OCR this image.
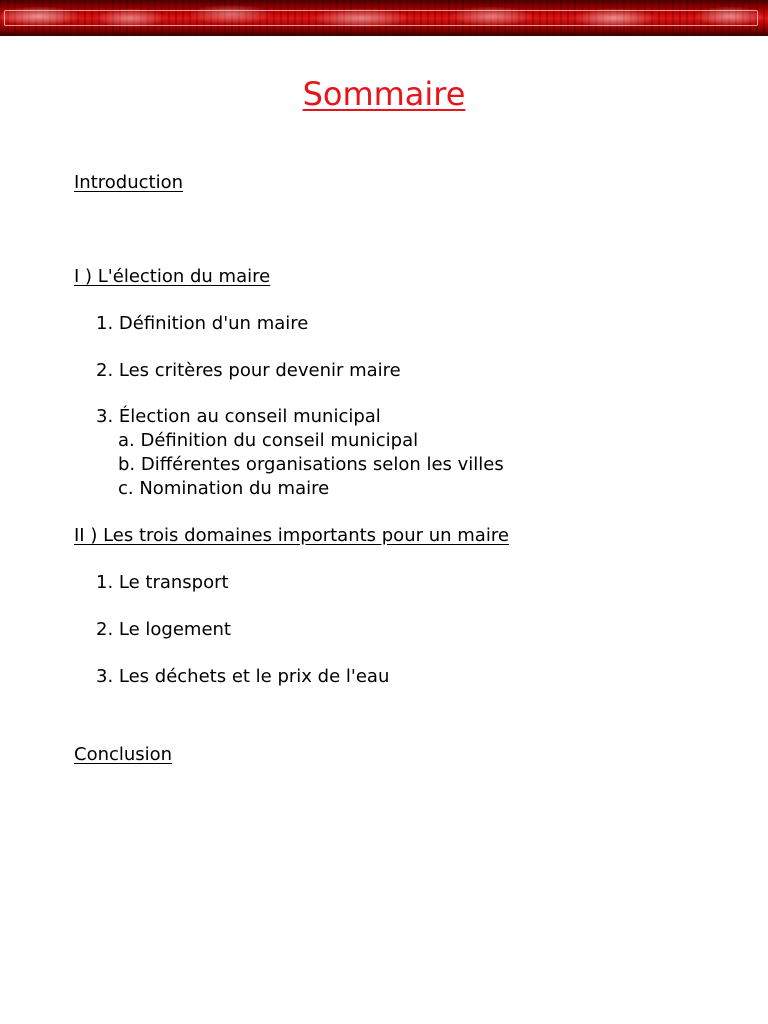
Sommaire

Introduction

I ) L'élection du maire

1. Définition d'un maire

2. Les critères pour devenir maire

3. Élection au conseil municipal

a. Définition du conseil municipal

b. Différentes organisations selon les villes

c. Nomination du maire

II ) Les trois domaines importants pour un maire

1. Le transport

2. Le logement

3. Les déchets et le prix de l'eau

Conclusion
